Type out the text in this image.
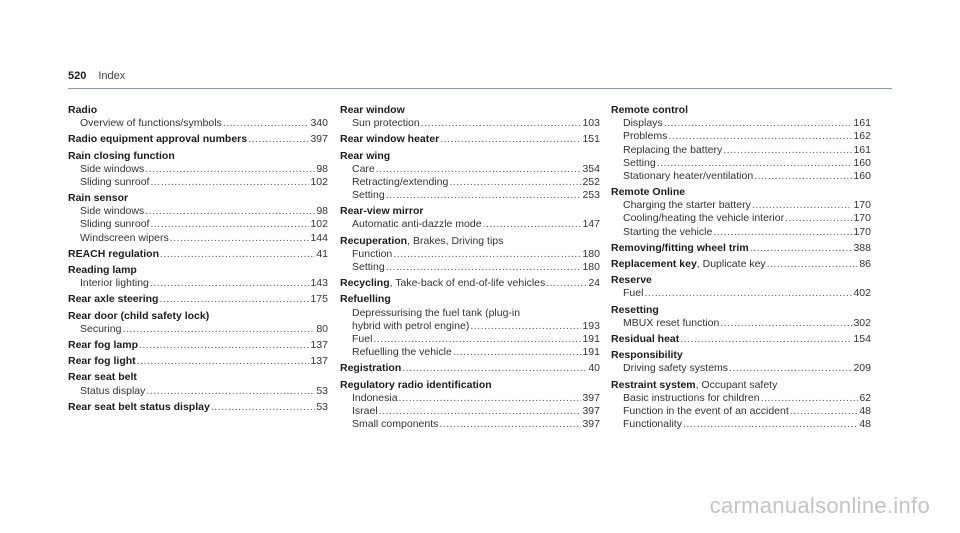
520 Index
Radio
Overview of functions/symbols .....	340
Radio equipment approval numbers .....	397
Rain closing function
Side windows .....	98
Sliding sunroof .....	102
Rain sensor
Side windows .....	98
Sliding sunroof .....	102
Windscreen wipers .....	144
REACH regulation .....	41
Reading lamp
Interior lighting .....	143
Rear axle steering .....	175
Rear door (child safety lock)
Securing .....	80
Rear fog lamp .....	137
Rear fog light .....	137
Rear seat belt
Status display .....	53
Rear seat belt status display .....	53
Rear window
Sun protection .....	103
Rear window heater .....	151
Rear wing
Care .....	354
Retracting/extending .....	252
Setting .....	253
Rear-view mirror
Automatic anti-dazzle mode .....	147
Recuperation, Brakes, Driving tips
Function .....	180
Setting .....	180
Recycling, Take-back of end-of-life vehicles .....	24
Refuelling
Depressurising the fuel tank (plug-in
hybrid with petrol engine) .....	193
Fuel .....	191
Refuelling the vehicle .....	191
Registration .....	40
Regulatory radio identification
Indonesia .....	397
Israel .....	397
Small components .....	397
Remote control
Displays .....	161
Problems .....	162
Replacing the battery .....	161
Setting .....	160
Stationary heater/ventilation .....	160
Remote Online
Charging the starter battery .....	170
Cooling/heating the vehicle interior .....	170
Starting the vehicle .....	170
Removing/fitting wheel trim .....	388
Replacement key, Duplicate key .....	86
Reserve
Fuel .....	402
Resetting
MBUX reset function .....	302
Residual heat .....	154
Responsibility
Driving safety systems .....	209
Restraint system, Occupant safety
Basic instructions for children .....	62
Function in the event of an accident .....	48
Functionality .....	48
carmanualsonline.info
